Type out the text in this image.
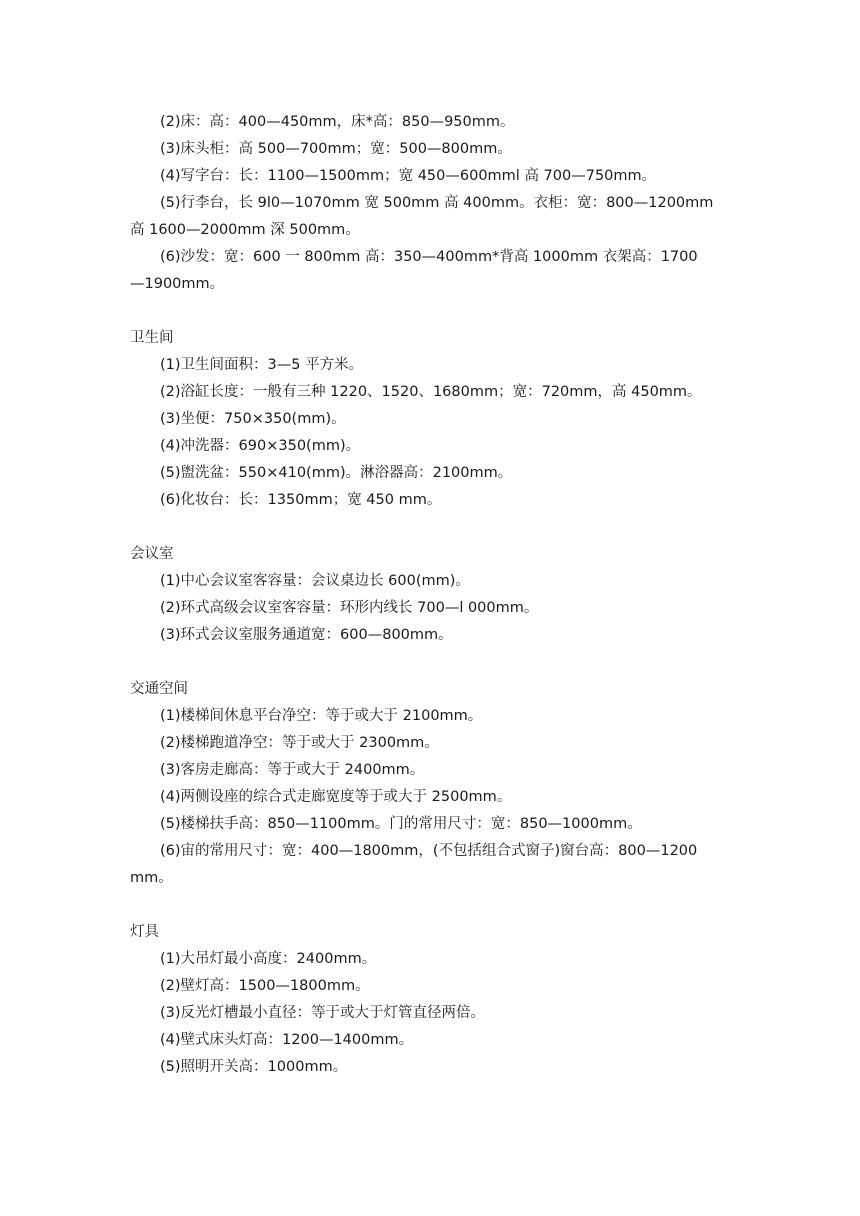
(2)床：高：400—450mm，床*高：850—950mm。

(3)床头柜：高 500—700mm；宽：500—800mm。

(4)写字台：长：1100—1500mm；宽 450—600mml 高 700—750mm。

(5)行李台，长 9l0—1070mm 宽 500mm 高 400mm。衣柜：宽：800—1200mm

高 1600—2000mm 深 500mm。

(6)沙发：宽：600 一 800mm 高：350—400mm*背高 1000mm 衣架高：1700

—1900mm。

卫生间

(1)卫生间面积：3—5 平方米。

(2)浴缸长度：一般有三种 1220、1520、1680mm；宽：720mm，高 450mm。

(3)坐便：750×350(mm)。

(4)冲洗器：690×350(mm)。

(5)盥洗盆：550×410(mm)。淋浴器高：2100mm。

(6)化妆台：长：1350mm；宽 450 mm。

会议室

(1)中心会议室客容量：会议桌边长 600(mm)。

(2)环式高级会议室客容量：环形内线长 700—l 000mm。

(3)环式会议室服务通道宽：600—800mm。

交通空间

(1)楼梯间休息平台净空：等于或大于 2100mm。

(2)楼梯跑道净空：等于或大于 2300mm。

(3)客房走廊高：等于或大于 2400mm。

(4)两侧设座的综合式走廊宽度等于或大于 2500mm。

(5)楼梯扶手高：850—1100mm。门的常用尺寸：宽：850—1000mm。

(6)宙的常用尺寸：宽：400—1800mm，(不包括组合式窗子)窗台高：800—1200

mm。

灯具

(1)大吊灯最小高度：2400mm。

(2)壁灯高：1500—1800mm。

(3)反光灯槽最小直径：等于或大于灯管直径两倍。

(4)壁式床头灯高：1200—1400mm。

(5)照明开关高：1000mm。
